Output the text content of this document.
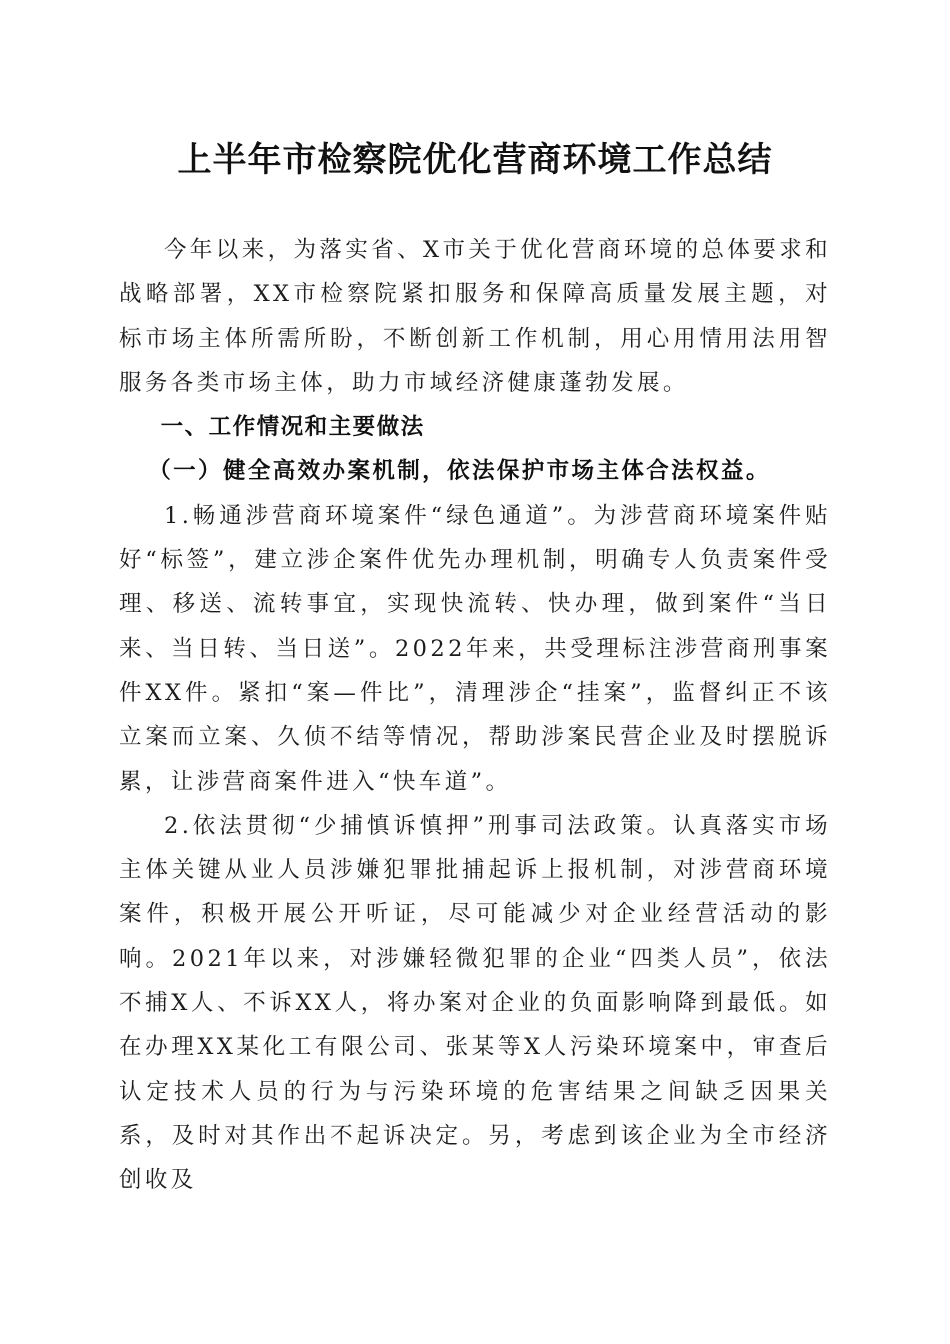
上半年市检察院优化营商环境工作总结

今年以来，为落实省、X市关于优化营商环境的总体要求和战略部署，XX市检察院紧扣服务和保障高质量发展主题，对标市场主体所需所盼，不断创新工作机制，用心用情用法用智服务各类市场主体，助力市域经济健康蓬勃发展。

一、工作情况和主要做法

（一）健全高效办案机制，依法保护市场主体合法权益。

1.畅通涉营商环境案件“绿色通道”。为涉营商环境案件贴好“标签”，建立涉企案件优先办理机制，明确专人负责案件受理、移送、流转事宜，实现快流转、快办理，做到案件“当日来、当日转、当日送”。2022年来，共受理标注涉营商刑事案件XX件。紧扣“案—件比”，清理涉企“挂案”，监督纠正不该立案而立案、久侦不结等情况，帮助涉案民营企业及时摆脱诉累，让涉营商案件进入“快车道”。

2.依法贯彻“少捕慎诉慎押”刑事司法政策。认真落实市场主体关键从业人员涉嫌犯罪批捕起诉上报机制，对涉营商环境案件，积极开展公开听证，尽可能减少对企业经营活动的影响。2021年以来，对涉嫌轻微犯罪的企业“四类人员”，依法不捕X人、不诉XX人，将办案对企业的负面影响降到最低。如在办理XX某化工有限公司、张某等X人污染环境案中，审查后认定技术人员的行为与污染环境的危害结果之间缺乏因果关系，及时对其作出不起诉决定。另，考虑到该企业为全市经济创收及
